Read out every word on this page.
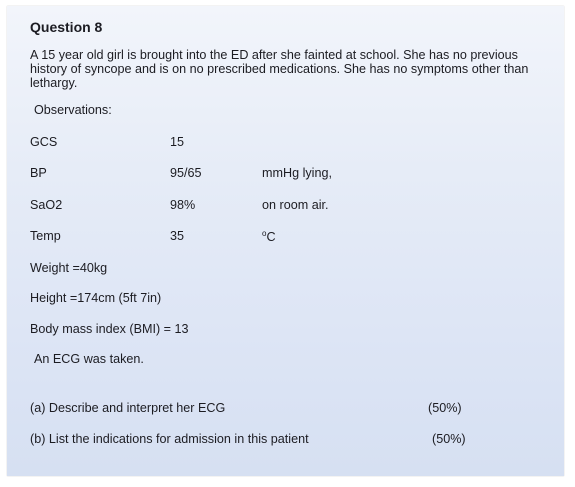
Question 8

A 15 year old girl is brought into the ED after she fainted at school. She has no previous history of syncope and is on no prescribed medications. She has no symptoms other than lethargy.

Observations:
GCS	15
BP	95/65	mmHg lying,
SaO2	98%	on room air.
Temp	35	$^o$C
Weight =40kg
Height =174cm (5ft 7in)
Body mass index (BMI) = 13
An ECG was taken.
(a) Describe and interpret her ECG	(50%)
(b) List the indications for admission in this patient	(50%)
